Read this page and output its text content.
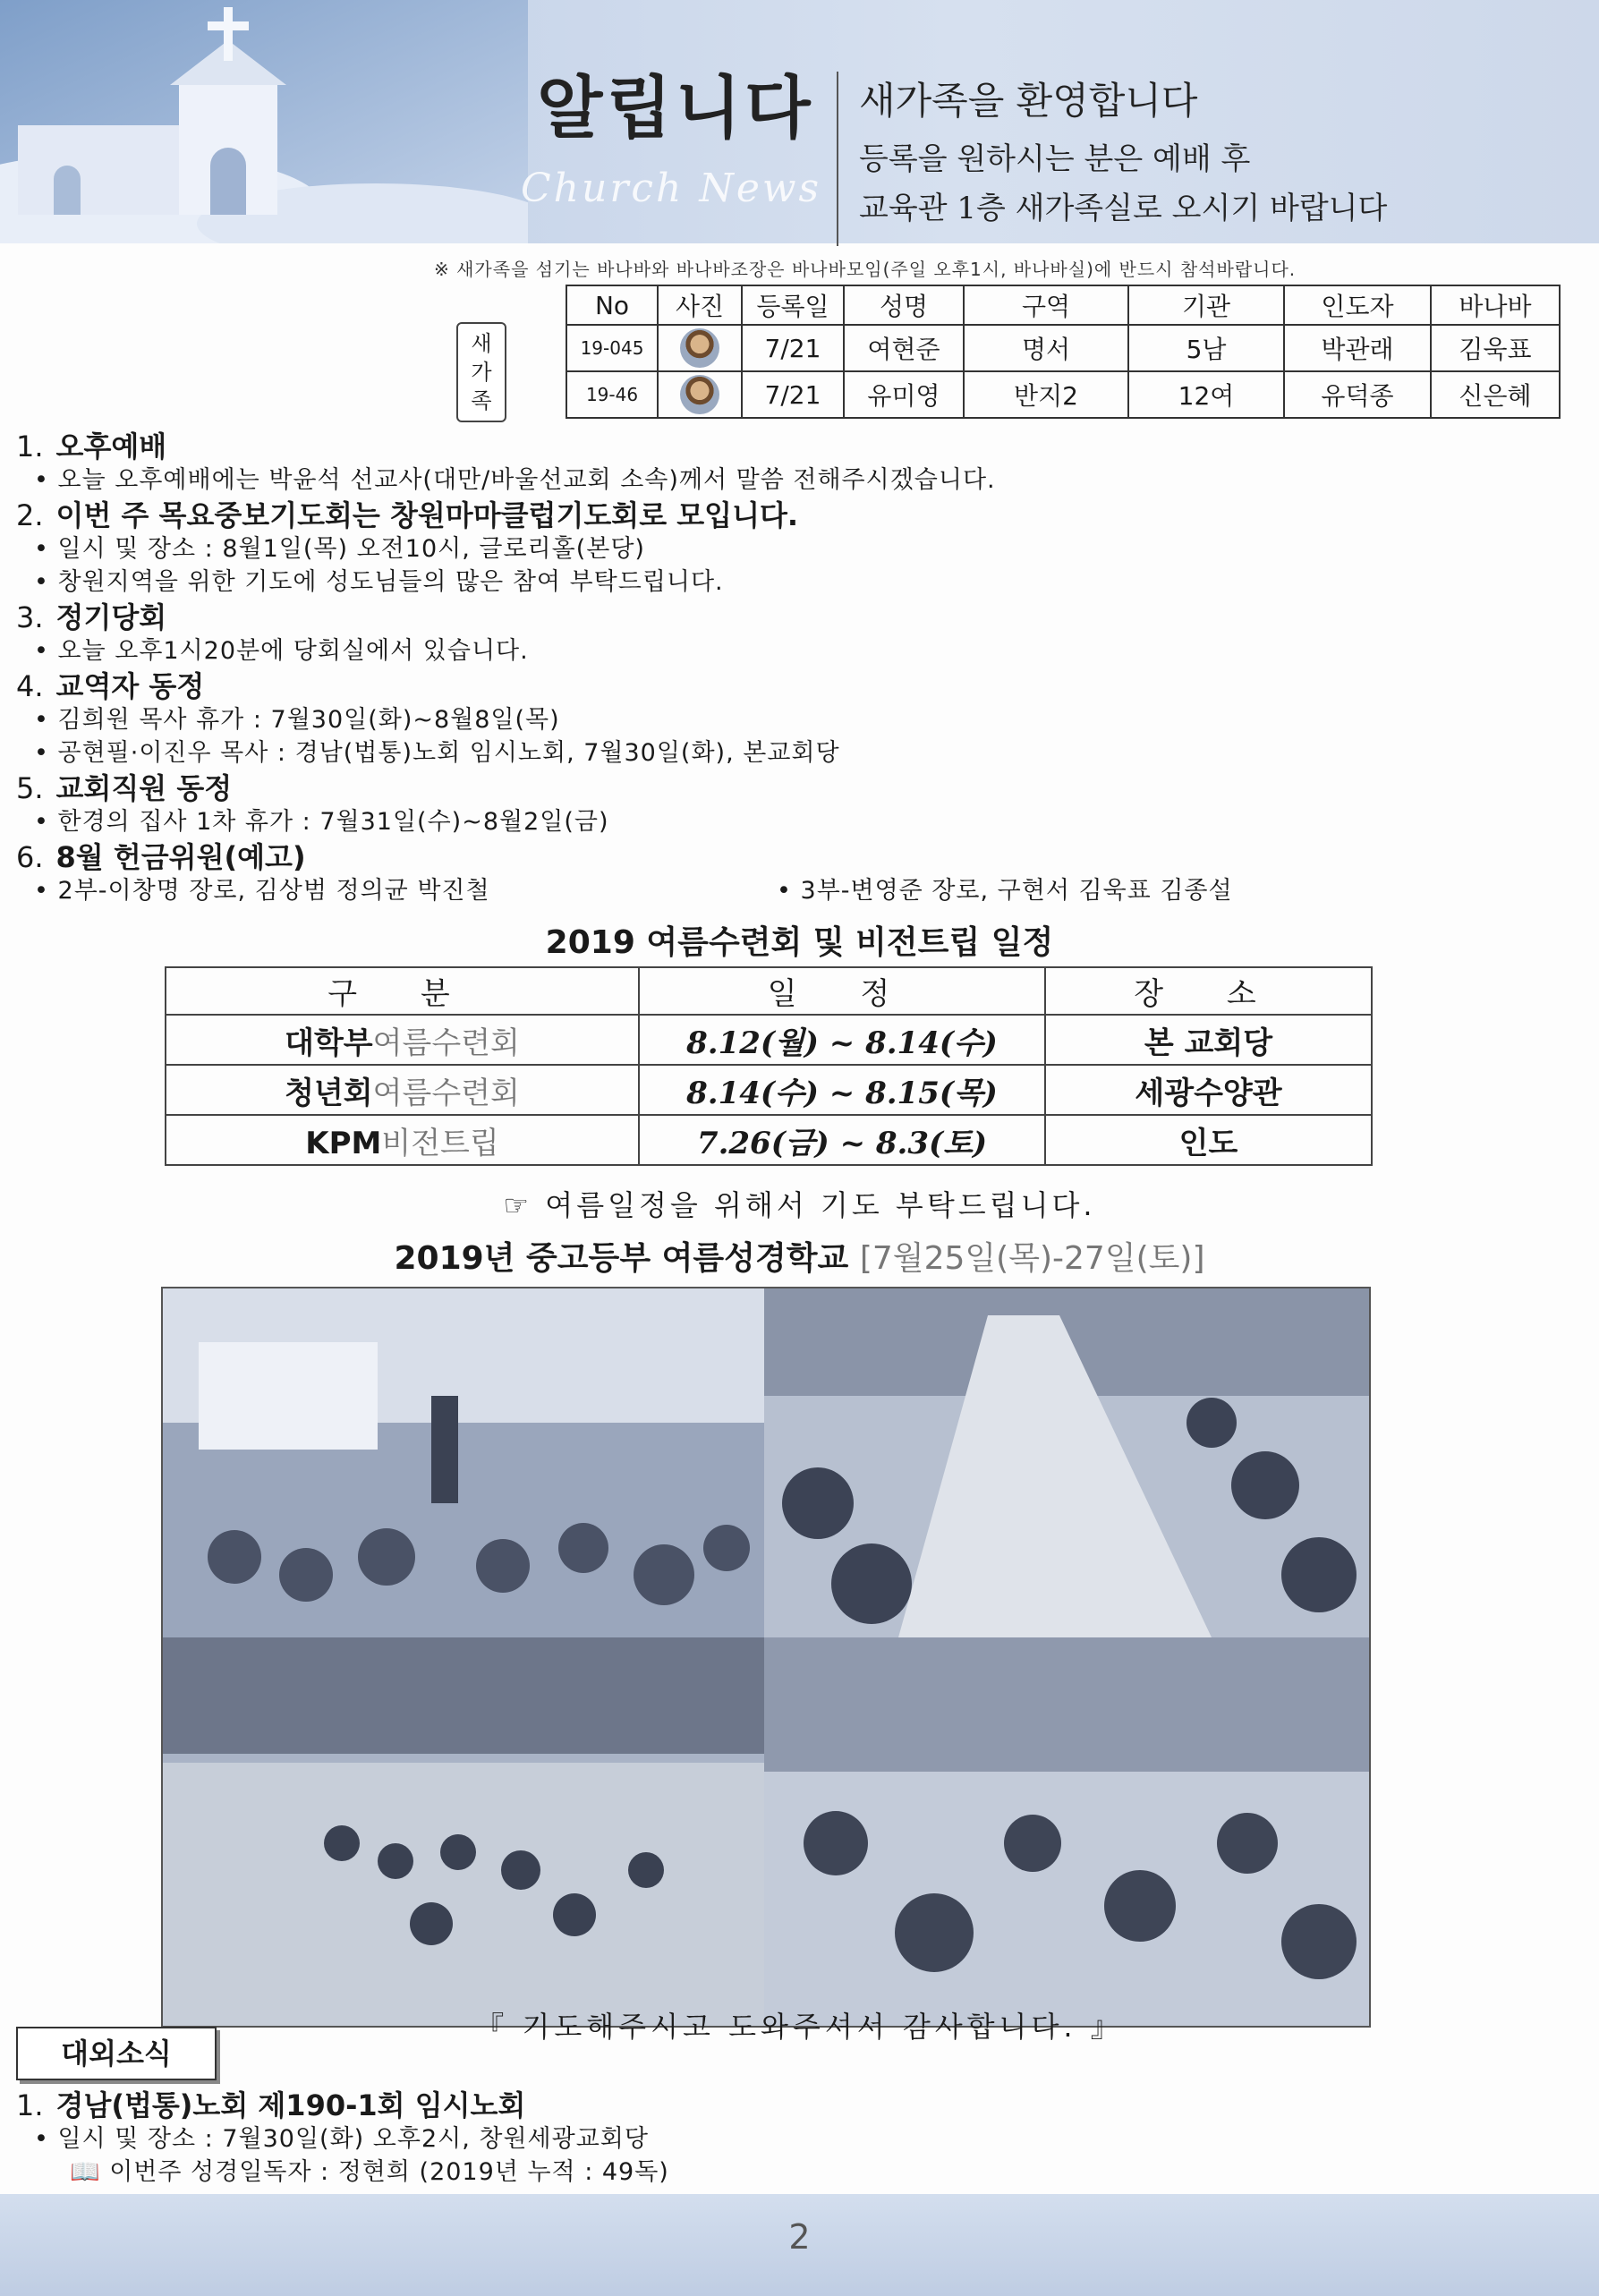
알립니다
Church News
새가족을 환영합니다
등록을 원하시는 분은 예배 후
교육관 1층 새가족실로 오시기 바랍니다
※ 새가족을 섬기는 바나바와 바나바조장은 바나바모임(주일 오후1시, 바나바실)에 반드시 참석바랍니다.
새
가
족
No	사진	등록일	성명	구역	기관	인도자	바나바
19-045		7/21	여현준	명서	5남	박관래	김욱표
19-46		7/21	유미영	반지2	12여	유덕종	신은혜
1. 오후예배
• 오늘 오후예배에는 박윤석 선교사(대만/바울선교회 소속)께서 말씀 전해주시겠습니다.
2. 이번 주 목요중보기도회는 창원마마클럽기도회로 모입니다.
• 일시 및 장소 : 8월1일(목) 오전10시, 글로리홀(본당)
• 창원지역을 위한 기도에 성도님들의 많은 참여 부탁드립니다.
3. 정기당회
• 오늘 오후1시20분에 당회실에서 있습니다.
4. 교역자 동정
• 김희원 목사 휴가 : 7월30일(화)~8월8일(목)
• 공현필·이진우 목사 : 경남(법통)노회 임시노회, 7월30일(화), 본교회당
5. 교회직원 동정
• 한경의 집사 1차 휴가 : 7월31일(수)~8월2일(금)
6. 8월 헌금위원(예고)
• 2부-이창명 장로, 김상범 정의균 박진철	• 3부-변영준 장로, 구현서 김욱표 김종설
2019 여름수련회 및 비전트립 일정
구 분	일 정	장 소
대학부여름수련회	8.12(월) ~ 8.14(수)	본 교회당
청년회여름수련회	8.14(수) ~ 8.15(목)	세광수양관
KPM비전트립	7.26(금) ~ 8.3(토)	인도
☞ 여름일정을 위해서 기도 부탁드립니다.
2019년 중고등부 여름성경학교 [7월25일(목)-27일(토)]
『 기도해주시고 도와주셔서 감사합니다. 』
대외소식
1. 경남(법통)노회 제190-1회 임시노회
• 일시 및 장소 : 7월30일(화) 오후2시, 창원세광교회당
📖 이번주 성경일독자 : 정현희 (2019년 누적 : 49독)
2
